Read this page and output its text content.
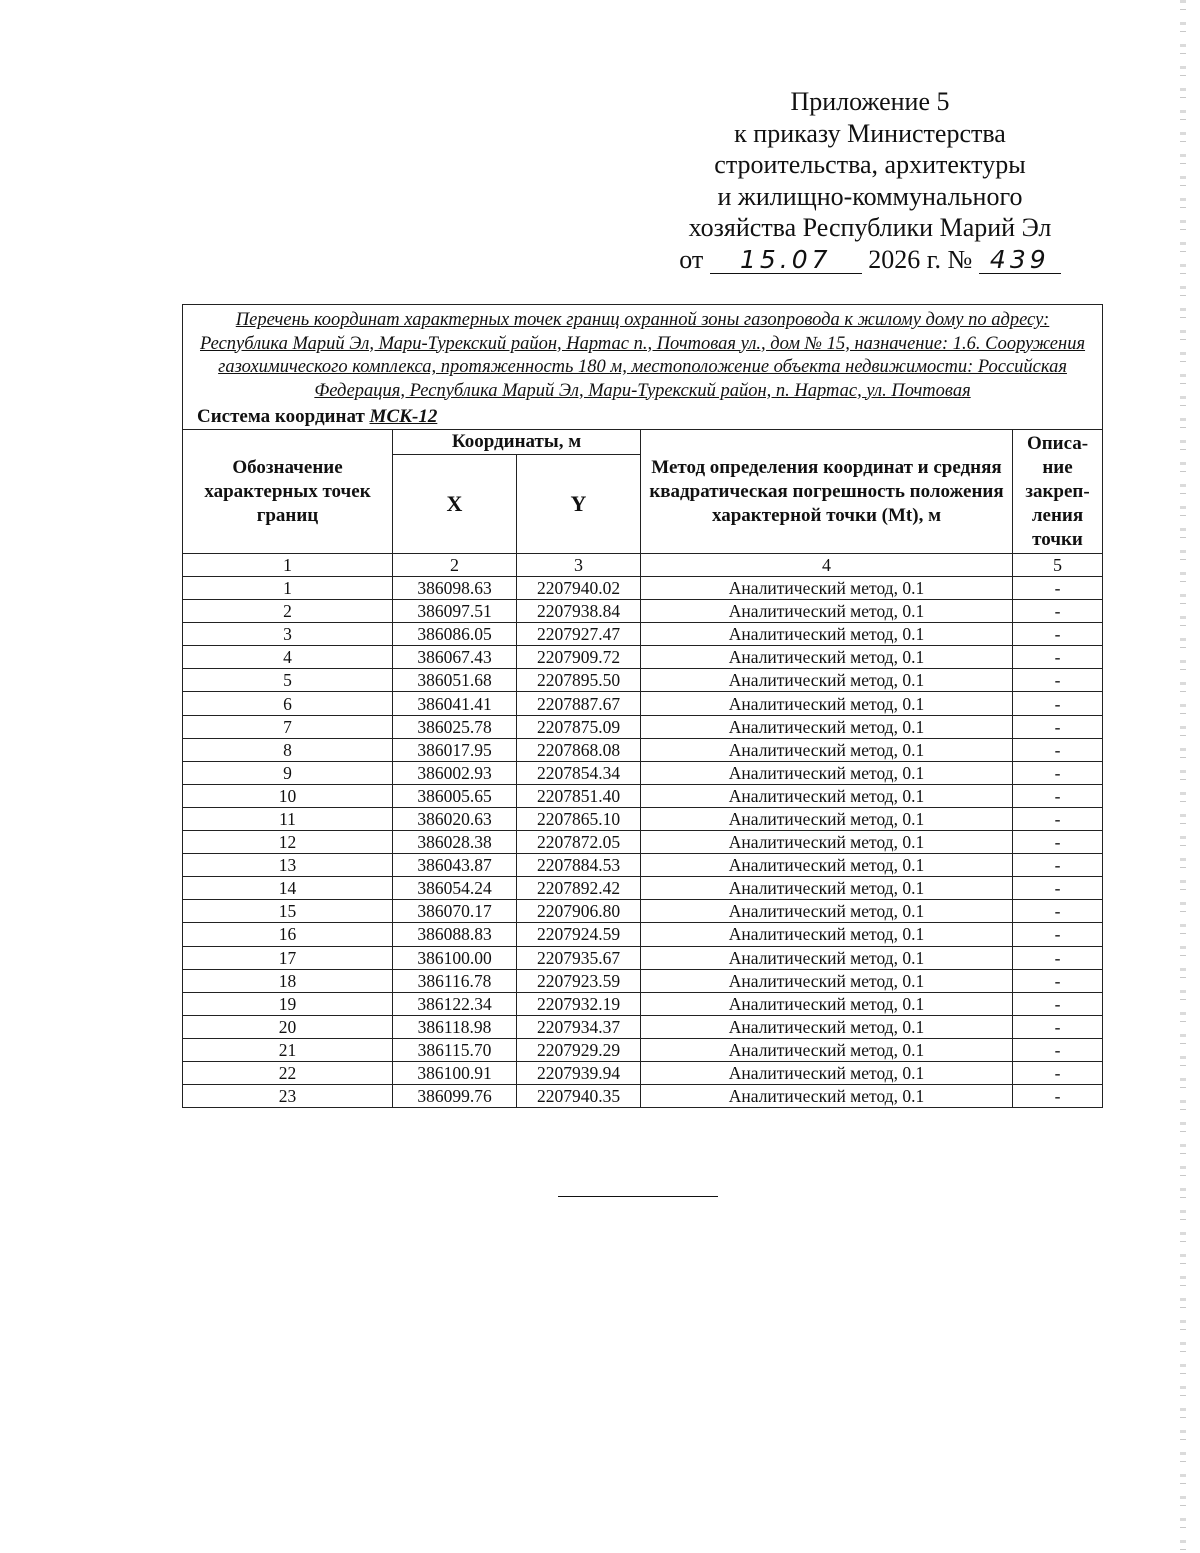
Приложение 5
к приказу Министерства
строительства, архитектуры
и жилищно-коммунального
хозяйства Республики Марий Эл
от 15.07 2026 г. № 439
Перечень координат характерных точек границ охранной зоны газопровода к жилому дому по адресу: Республика Марий Эл, Мари-Турекский район, Нартас п., Почтовая ул., дом № 15, назначение: 1.6. Сооружения газохимического комплекса, протяженность 180 м, местоположение объекта недвижимости: Российская Федерация, Республика Марий Эл, Мари-Турекский район, п. Нартас, ул. Почтовая				
Система координат МСК-12				
Обозначение характерных точек границ	Координаты, м		Метод определения координат и средняя квадратическая погрешность положения характерной точки (Mt), м	Описа-ние закреп-ления точки
	X	Y		
1	2	3	4	5
1	386098.63	2207940.02	Аналитический метод, 0.1	-
2	386097.51	2207938.84	Аналитический метод, 0.1	-
3	386086.05	2207927.47	Аналитический метод, 0.1	-
4	386067.43	2207909.72	Аналитический метод, 0.1	-
5	386051.68	2207895.50	Аналитический метод, 0.1	-
6	386041.41	2207887.67	Аналитический метод, 0.1	-
7	386025.78	2207875.09	Аналитический метод, 0.1	-
8	386017.95	2207868.08	Аналитический метод, 0.1	-
9	386002.93	2207854.34	Аналитический метод, 0.1	-
10	386005.65	2207851.40	Аналитический метод, 0.1	-
11	386020.63	2207865.10	Аналитический метод, 0.1	-
12	386028.38	2207872.05	Аналитический метод, 0.1	-
13	386043.87	2207884.53	Аналитический метод, 0.1	-
14	386054.24	2207892.42	Аналитический метод, 0.1	-
15	386070.17	2207906.80	Аналитический метод, 0.1	-
16	386088.83	2207924.59	Аналитический метод, 0.1	-
17	386100.00	2207935.67	Аналитический метод, 0.1	-
18	386116.78	2207923.59	Аналитический метод, 0.1	-
19	386122.34	2207932.19	Аналитический метод, 0.1	-
20	386118.98	2207934.37	Аналитический метод, 0.1	-
21	386115.70	2207929.29	Аналитический метод, 0.1	-
22	386100.91	2207939.94	Аналитический метод, 0.1	-
23	386099.76	2207940.35	Аналитический метод, 0.1	-
